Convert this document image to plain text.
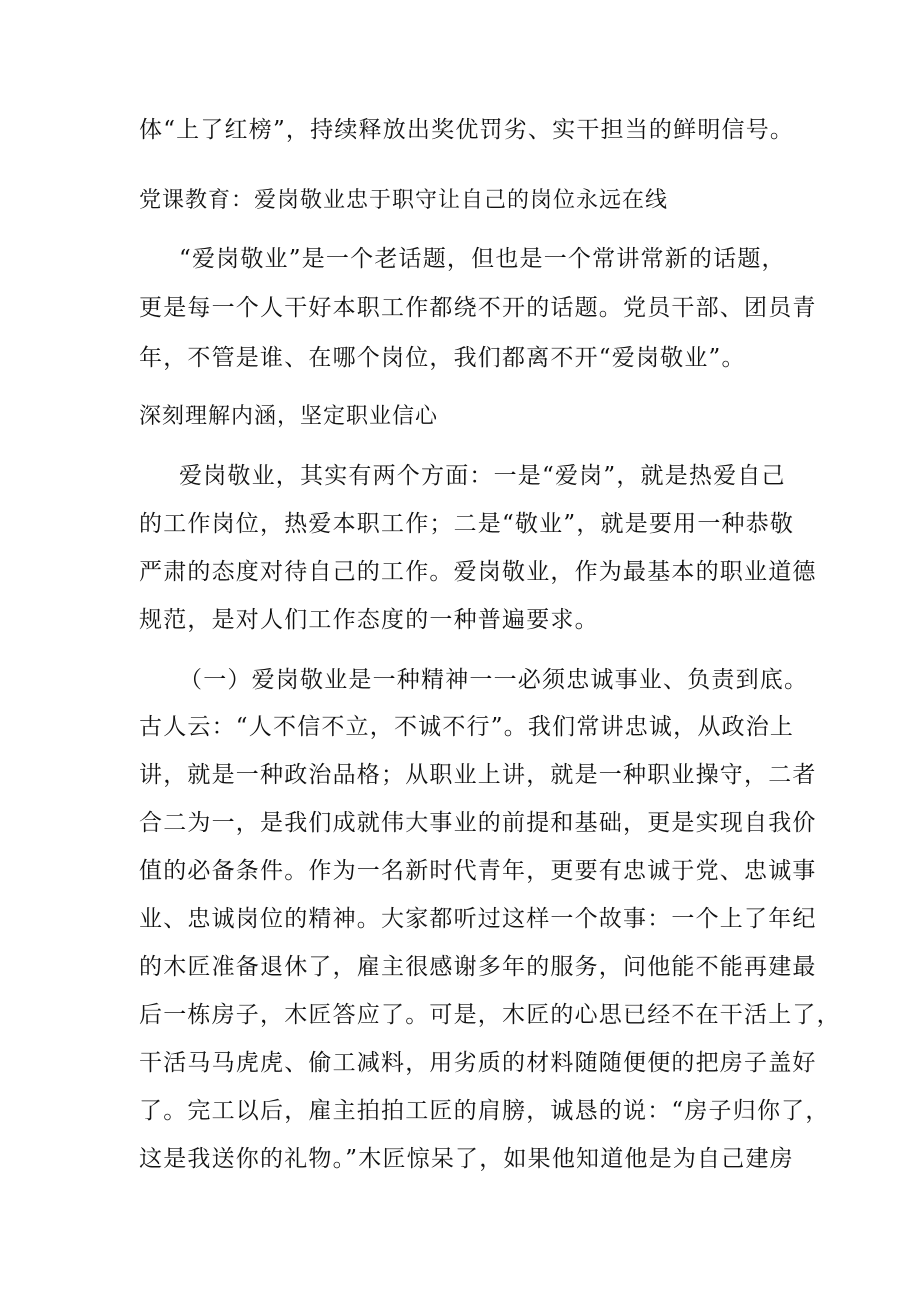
体“上了红榜”，持续释放出奖优罚劣、实干担当的鲜明信号。
党课教育：爱岗敬业忠于职守让自己的岗位永远在线
“爱岗敬业”是一个老话题，但也是一个常讲常新的话题，
更是每一个人干好本职工作都绕不开的话题。党员干部、团员青
年，不管是谁、在哪个岗位，我们都离不开“爱岗敬业”。
深刻理解内涵，坚定职业信心
爱岗敬业，其实有两个方面：一是“爱岗”，就是热爱自己
的工作岗位，热爱本职工作；二是“敬业”，就是要用一种恭敬
严肃的态度对待自己的工作。爱岗敬业，作为最基本的职业道德
规范，是对人们工作态度的一种普遍要求。
（一）爱岗敬业是一种精神一一必须忠诚事业、负责到底。
古人云：“人不信不立，不诚不行”。我们常讲忠诚，从政治上
讲，就是一种政治品格；从职业上讲，就是一种职业操守，二者
合二为一，是我们成就伟大事业的前提和基础，更是实现自我价
值的必备条件。作为一名新时代青年，更要有忠诚于党、忠诚事
业、忠诚岗位的精神。大家都听过这样一个故事：一个上了年纪
的木匠准备退休了，雇主很感谢多年的服务，问他能不能再建最
后一栋房子，木匠答应了。可是，木匠的心思已经不在干活上了，
干活马马虎虎、偷工减料，用劣质的材料随随便便的把房子盖好
了。完工以后，雇主拍拍工匠的肩膀，诚恳的说：“房子归你了，
这是我送你的礼物。”木匠惊呆了，如果他知道他是为自己建房
